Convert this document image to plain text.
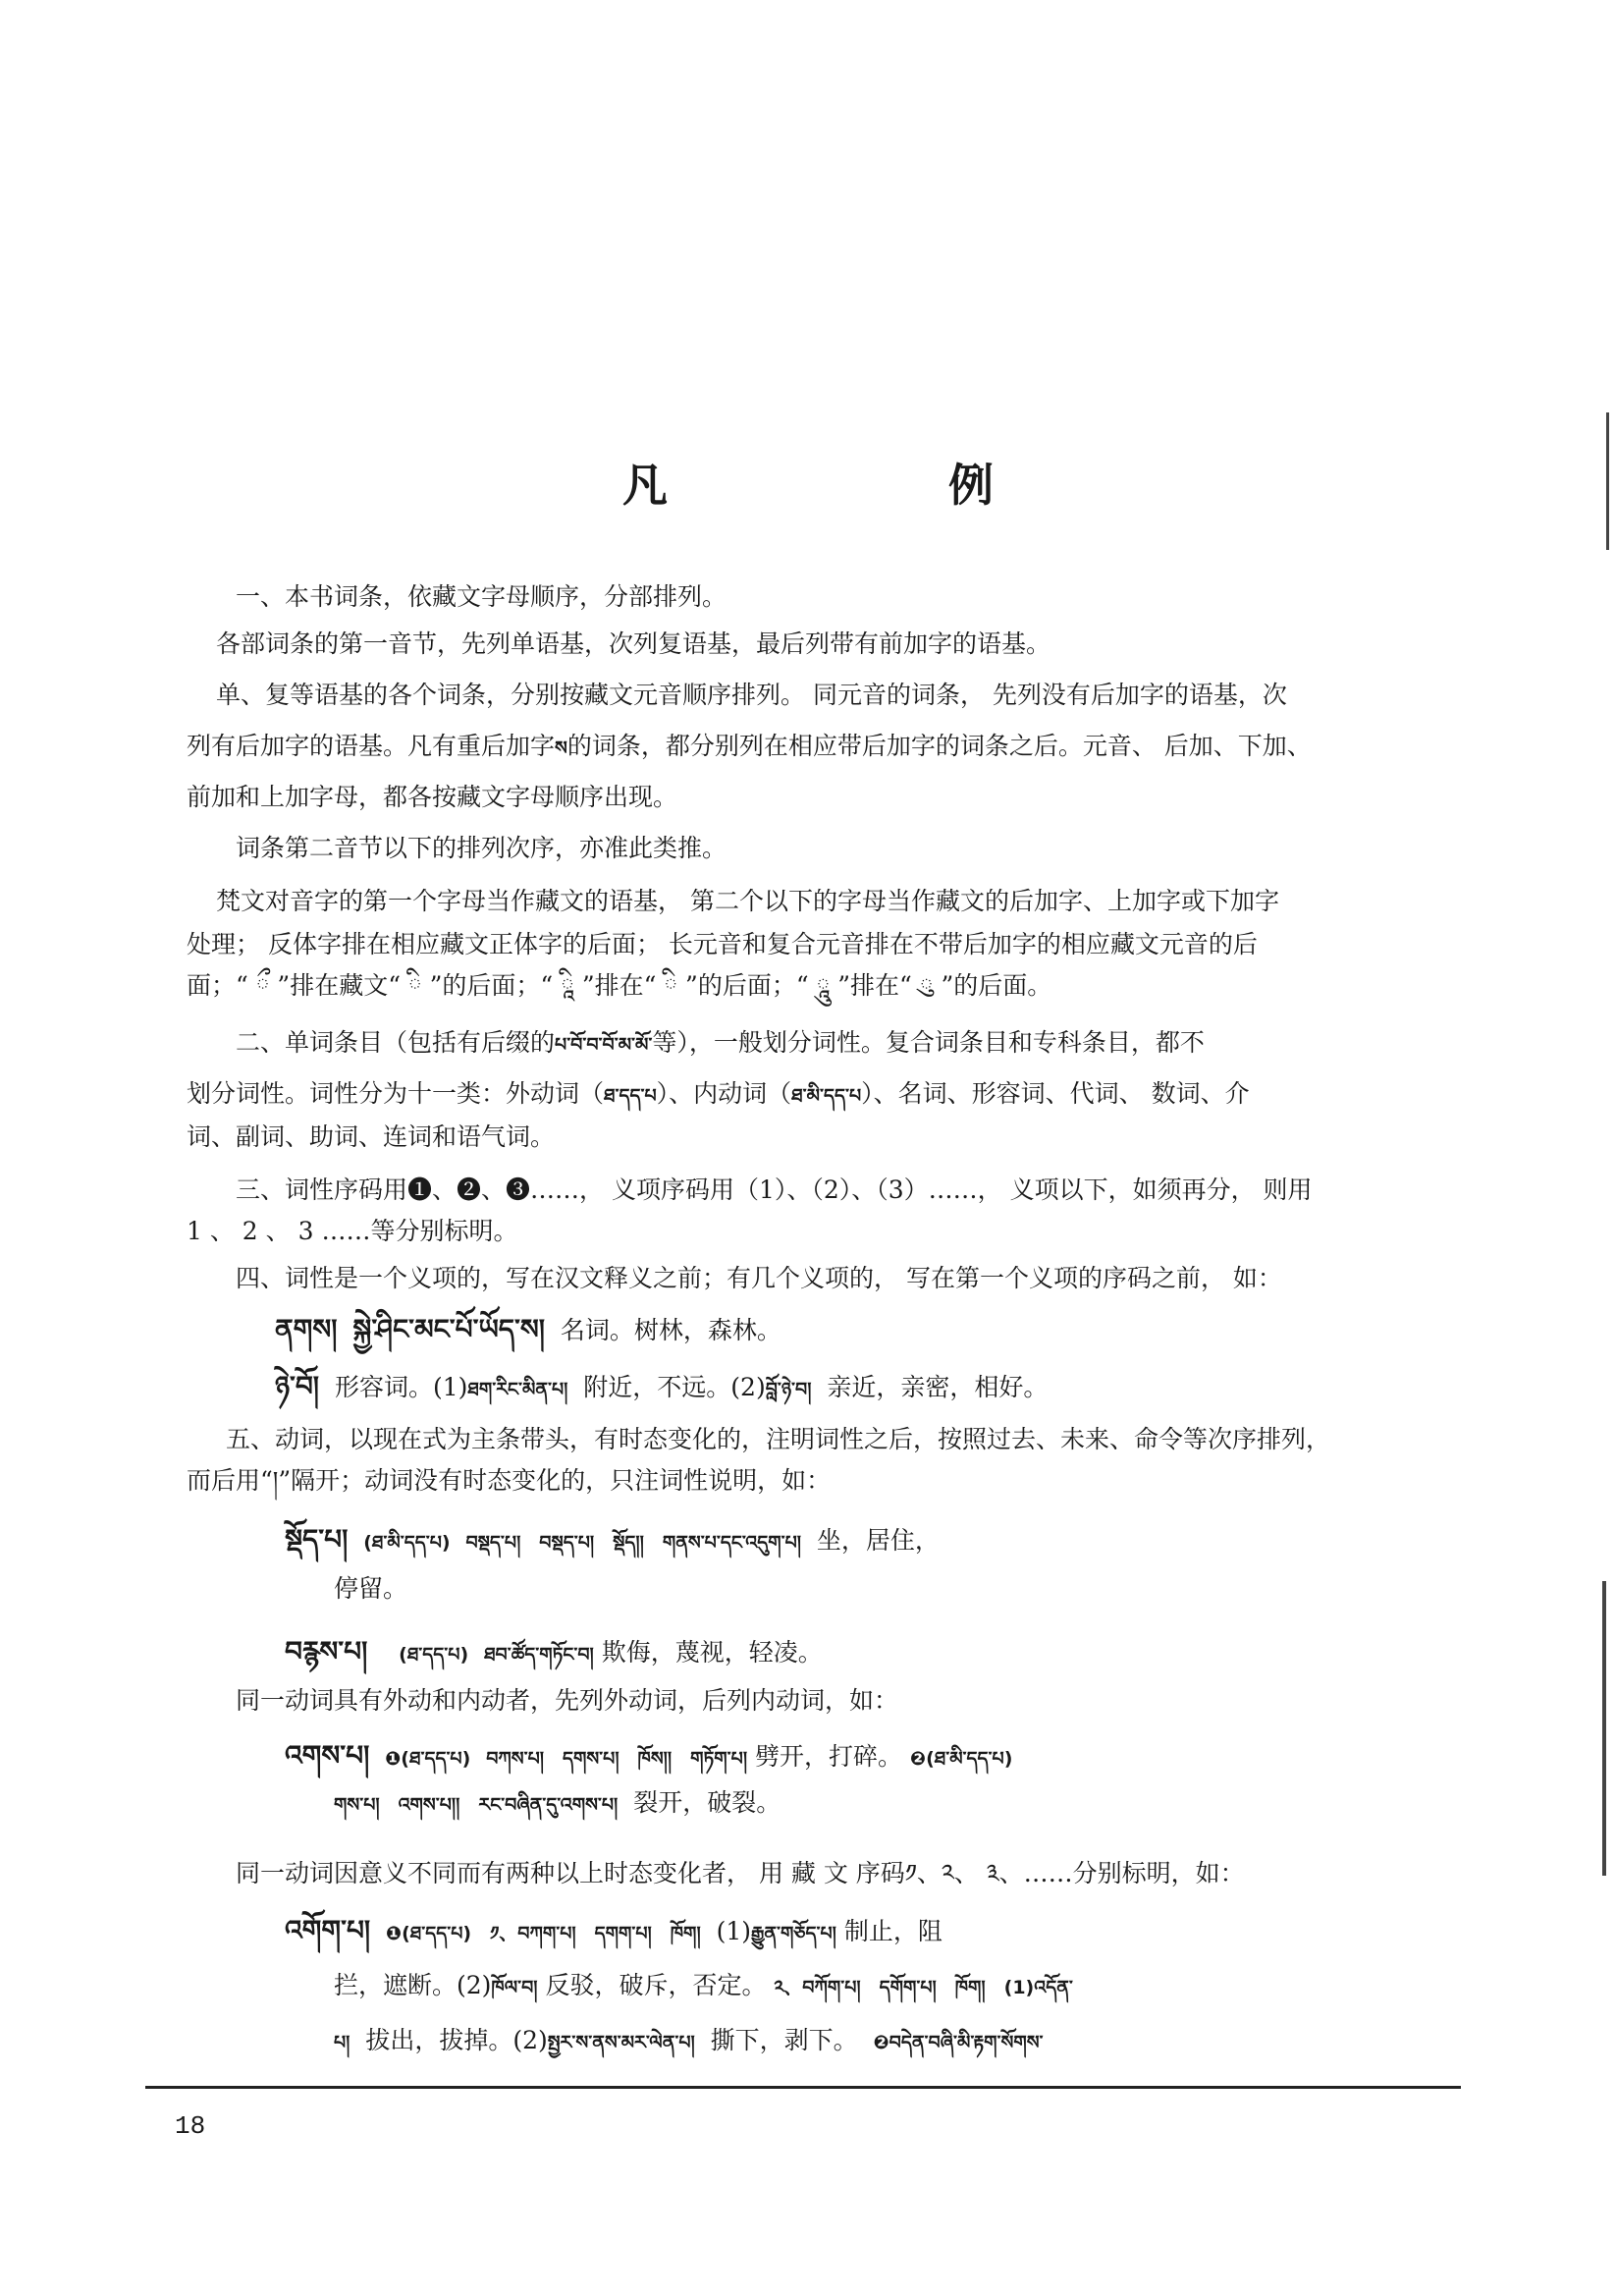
凡　例
一、本书词条，依藏文字母顺序，分部排列。
各部词条的第一音节，先列单语基，次列复语基，最后列带有前加字的语基。
单、复等语基的各个词条，分别按藏文元音顺序排列。 同元音的词条， 先列没有后加字的语基，次
列有后加字的语基。凡有重后加字ས的词条，都分别列在相应带后加字的词条之后。元音、 后加、下加、
前加和上加字母，都各按藏文字母顺序出现。
词条第二音节以下的排列次序，亦准此类推。
梵文对音字的第一个字母当作藏文的语基， 第二个以下的字母当作藏文的后加字、上加字或下加字
处理； 反体字排在相应藏文正体字的后面； 长元音和复合元音排在不带后加字的相应藏文元音的后
面；“ ྀ ”排在藏文“ ི ”的后面；“ ཱི ”排在“ ི ”的后面；“ ཱུ ”排在“ ུ ”的后面。
二、单词条目（包括有后缀的པ་བོ་བ་བོ་མ་མོ་等），一般划分词性。复合词条目和专科条目，都不
划分词性。词性分为十一类：外动词（ཐ་དད་པ）、内动词（ཐ་མི་དད་པ）、名词、形容词、代词、 数词、介
词、副词、助词、连词和语气词。
三、词性序码用❶、❷、❸……， 义项序码用（1）、（2）、（3）……， 义项以下，如须再分， 则用
1 、 2 、 3 ……等分别标明。
四、词性是一个义项的，写在汉文释义之前；有几个义项的， 写在第一个义项的序码之前， 如：
ནགས། སྐྱེ་ཤིང་མང་པོ་ཡོད་ས། 名词。树林，森林。
ཉེ་བོ། 形容词。(1)ཐག་རིང་མིན་པ། 附近，不远。(2)བློ་ཉེ་བ། 亲近，亲密，相好。
五、动词，以现在式为主条带头，有时态变化的，注明词性之后，按照过去、未来、命令等次序排列，
而后用“།”隔开；动词没有时态变化的，只注词性说明，如：
སྡོད་པ། (ཐ་མི་དད་པ) བསྡད་པ།　བསྡད་པ།　སྡོད།།　གནས་པ་དང་འདུག་པ། 坐，居住，
停留。
བརྙས་པ། (ཐ་དད་པ) ཐབ་ཚོད་གཏོང་བ། 欺侮，蔑视，轻凌。
同一动词具有外动和内动者，先列外动词，后列内动词，如：
འགས་པ། ❶(ཐ་དད་པ) བཀས་པ།　དགས་པ།　ཁོས།།　གཏོག་པ། 劈开，打碎。 ❷(ཐ་མི་དད་པ)
གས་པ།　འགས་པ།།　རང་བཞིན་དུ་འགས་པ། 裂开，破裂。
同一动词因意义不同而有两种以上时态变化者， 用 藏 文 序码༡、༢、 ༣、……分别标明，如：
འགོག་པ། ❶(ཐ་དད་པ)　༡、བཀག་པ།　དགག་པ།　ཁོག། (1)རྒྱུན་གཅོད་པ། 制止，阻
拦，遮断。(2)ཁོལ་བ། 反驳，破斥，否定。 ༢、བཀོག་པ།　དགོག་པ།　ཁོག།　(1)འདོན་
པ། 拔出，拔掉。(2)སྤྱར་ས་ནས་མར་ལེན་པ། 撕下，剥下。 ❷བདེན་བཞི་མི་རྟག་སོགས་
18
